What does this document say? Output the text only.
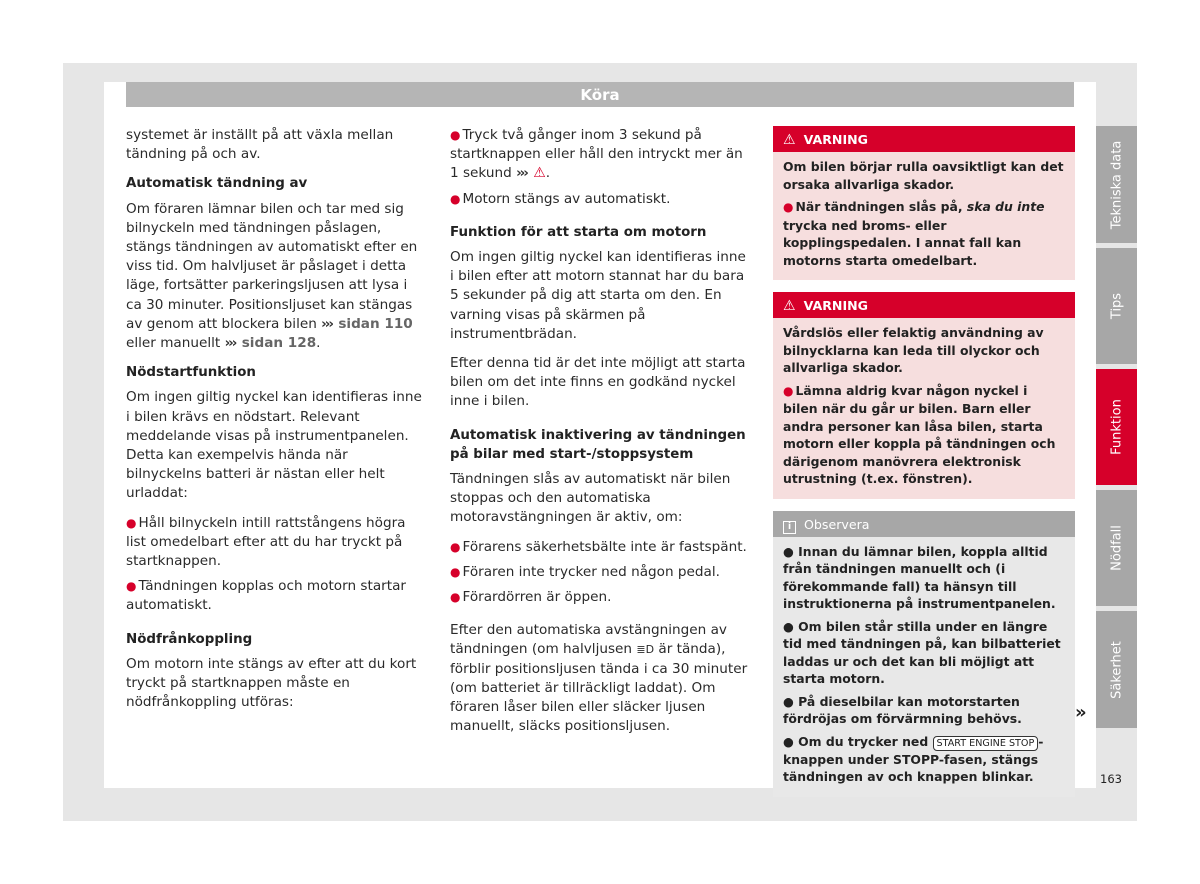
Köra

systemet är inställt på att växla mellan tändning på och av.

Automatisk tändning av

Om föraren lämnar bilen och tar med sig bilnyckeln med tändningen påslagen, stängs tändningen av automatiskt efter en viss tid. Om halvljuset är påslaget i detta läge, fortsätter parkeringsljusen att lysa i ca 30 minuter. Positionsljuset kan stängas av genom att blockera bilen ››› sidan 110 eller manuellt ››› sidan 128.

Nödstartfunktion

Om ingen giltig nyckel kan identifieras inne i bilen krävs en nödstart. Relevant meddelande visas på instrumentpanelen. Detta kan exempelvis hända när bilnyckelns batteri är nästan eller helt urladdat:

● Håll bilnyckeln intill rattstångens högra list omedelbart efter att du har tryckt på startknappen.
● Tändningen kopplas och motorn startar automatiskt.
Nödfrånkoppling

Om motorn inte stängs av efter att du kort tryckt på startknappen måste en nödfrånkoppling utföras:

● Tryck två gånger inom 3 sekund på startknappen eller håll den intryckt mer än 1 sekund ››› ⚠.
● Motorn stängs av automatiskt.
Funktion för att starta om motorn

Om ingen giltig nyckel kan identifieras inne i bilen efter att motorn stannat har du bara 5 sekunder på dig att starta om den. En varning visas på skärmen på instrumentbrädan.

Efter denna tid är det inte möjligt att starta bilen om det inte finns en godkänd nyckel inne i bilen.

Automatisk inaktivering av tändningen på bilar med start-/stoppsystem

Tändningen slås av automatiskt när bilen stoppas och den automatiska motoravstängningen är aktiv, om:

● Förarens säkerhetsbälte inte är fastspänt.
● Föraren inte trycker ned någon pedal.
● Förardörren är öppen.

Efter den automatiska avstängningen av tändningen (om halvljusen ≣D är tända), förblir positionsljusen tända i ca 30 minuter (om batteriet är tillräckligt laddat). Om föraren låser bilen eller släcker ljusen manuellt, släcks positionsljusen.

⚠ VARNING

Om bilen börjar rulla oavsiktligt kan det orsaka allvarliga skador.

● När tändningen slås på, ska du inte trycka ned broms- eller kopplingspedalen. I annat fall kan motorns starta omedelbart.

⚠ VARNING

Vårdslös eller felaktig användning av bilnycklarna kan leda till olyckor och allvarliga skador.

● Lämna aldrig kvar någon nyckel i bilen när du går ur bilen. Barn eller andra personer kan låsa bilen, starta motorn eller koppla på tändningen och därigenom manövrera elektronisk utrustning (t.ex. fönstren).

i Observera

● Innan du lämnar bilen, koppla alltid från tändningen manuellt och (i förekommande fall) ta hänsyn till instruktionerna på instrumentpanelen.

● Om bilen står stilla under en längre tid med tändningen på, kan bilbatteriet laddas ur och det kan bli möjligt att starta motorn.

● På dieselbilar kan motorstarten fördröjas om förvärmning behövs.

● Om du trycker ned START ENGINE STOP -knappen under STOPP-fasen, stängs tändningen av och knappen blinkar.

»
Tekniska data
Tips
Funktion
Nödfall
Säkerhet
163
